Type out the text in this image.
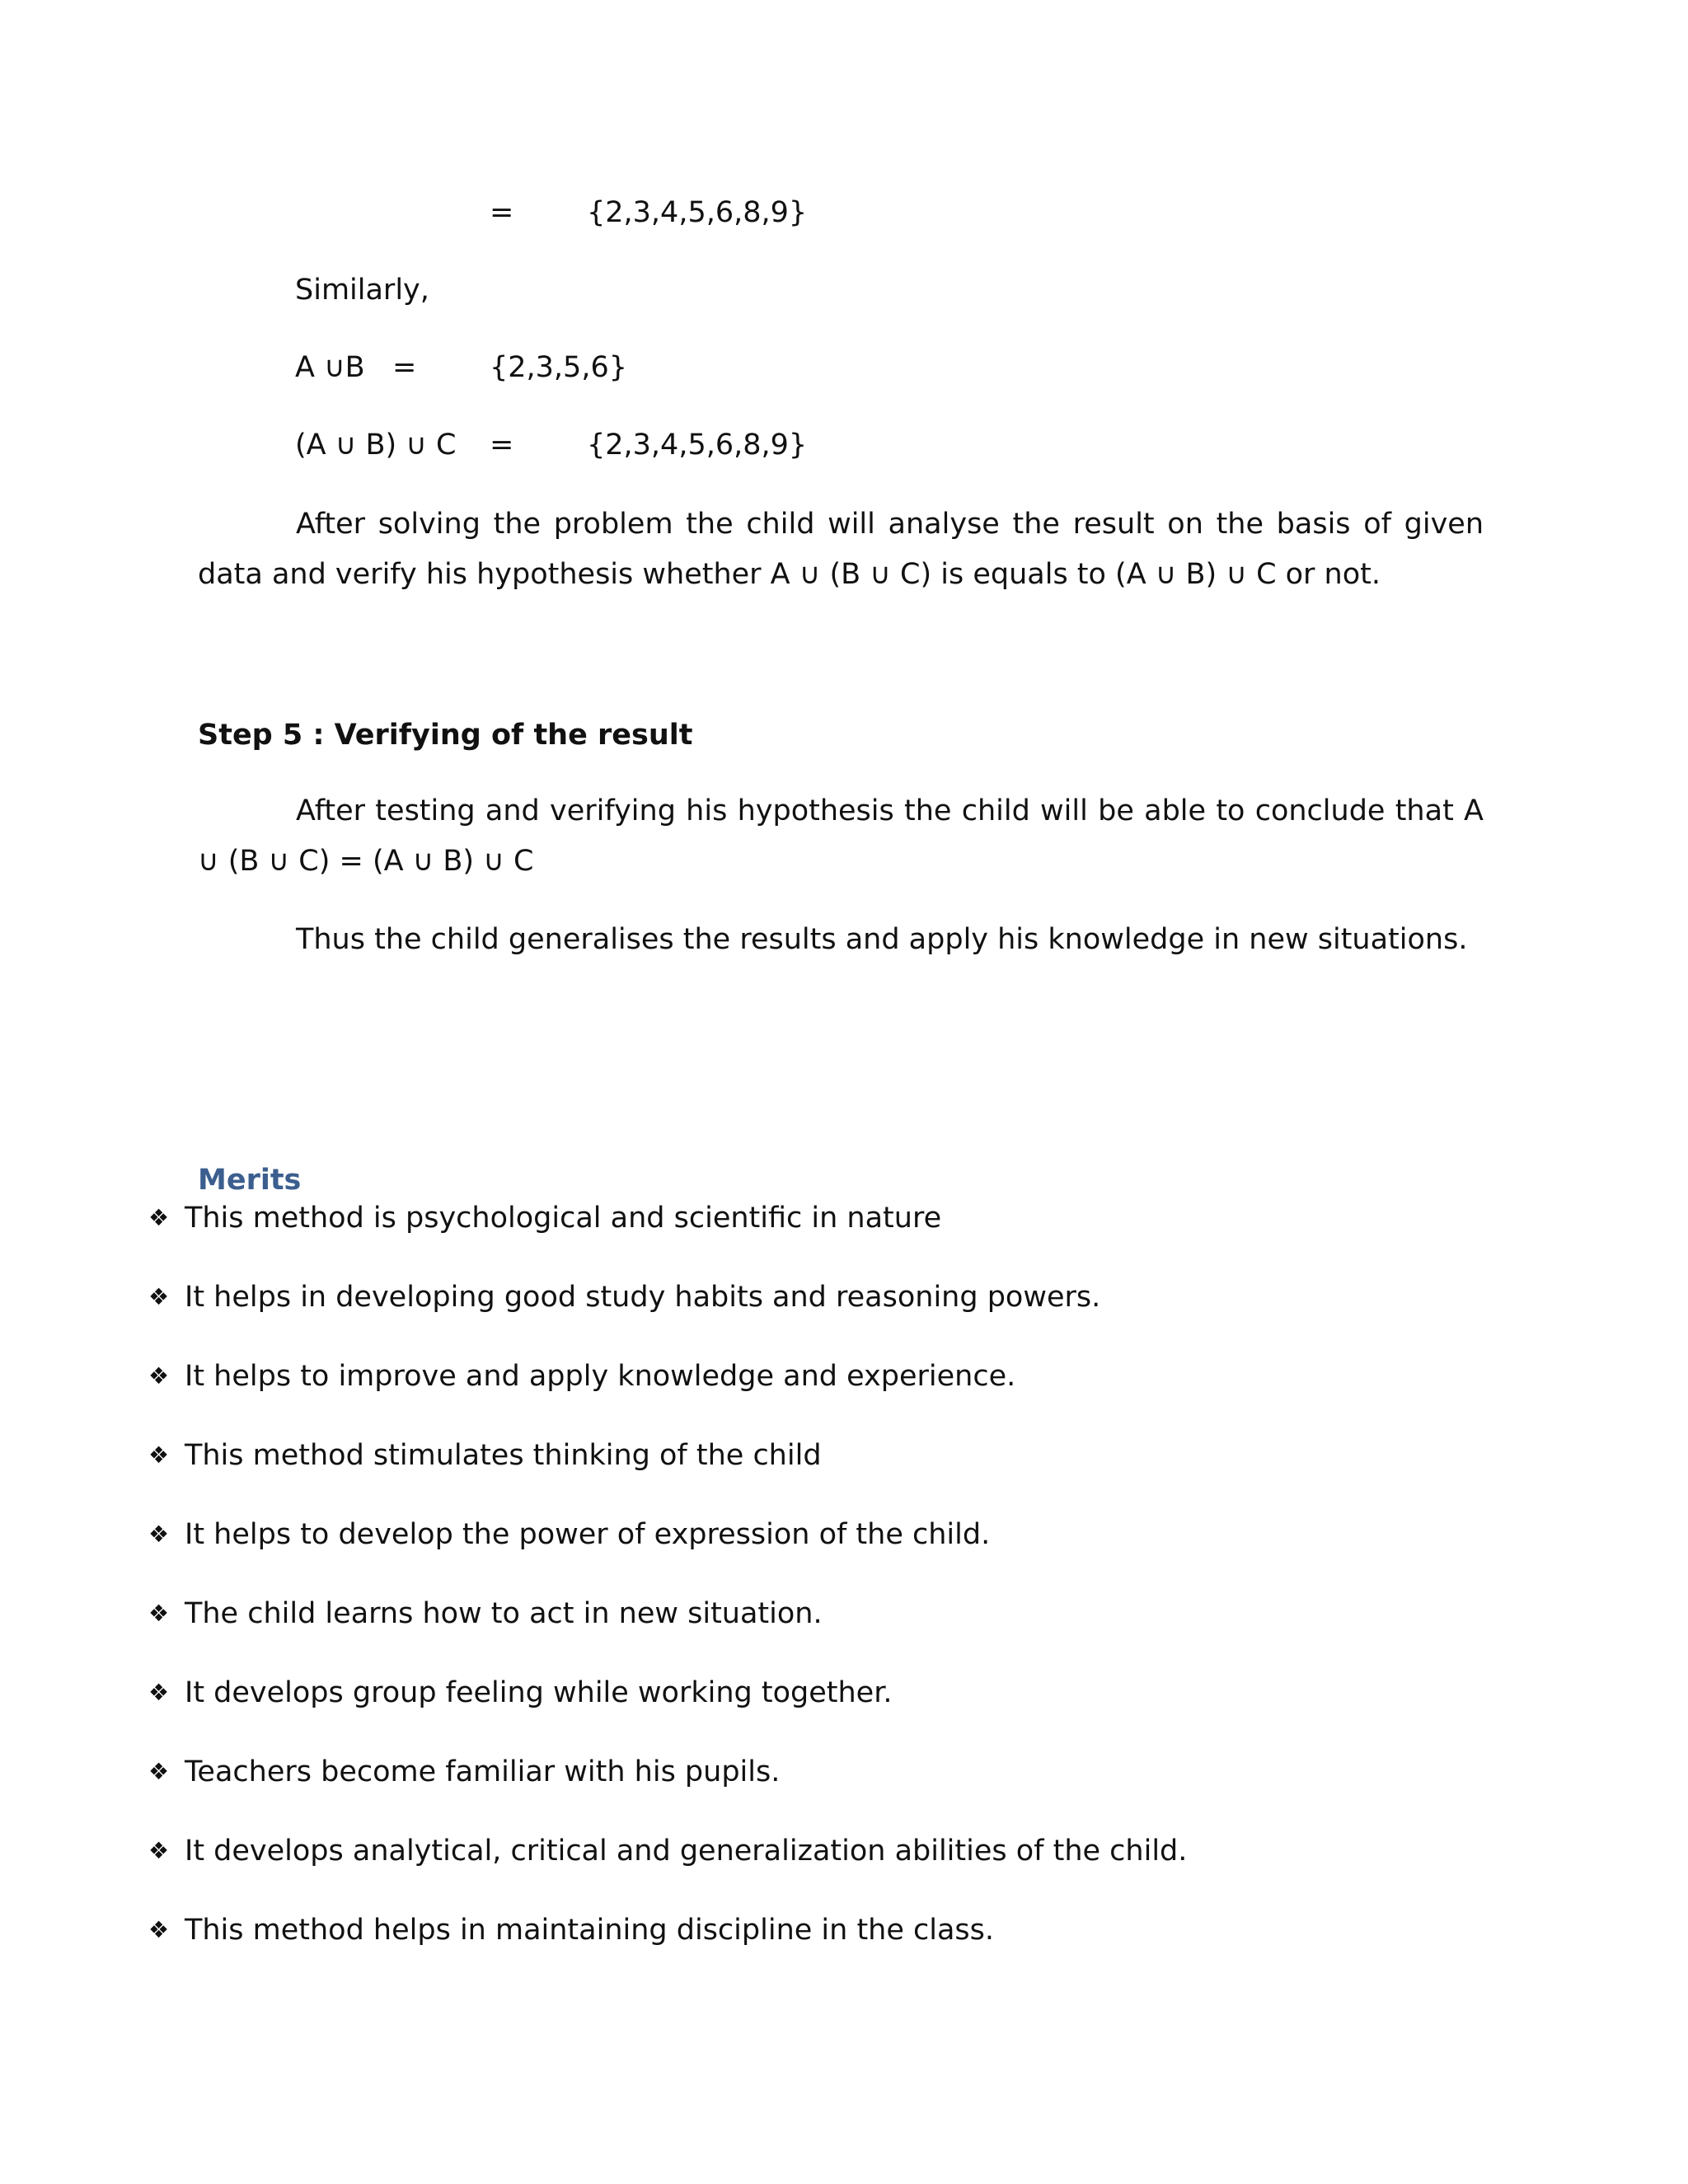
=	{2,3,4,5,6,8,9}
Similarly,
A ∪B =	{2,3,5,6}
(A ∪ B) ∪ C =	{2,3,4,5,6,8,9}

After solving the problem the child will analyse the result on the basis of given data and verify his hypothesis whether A ∪ (B ∪ C) is equals to (A ∪ B) ∪ C or not.

Step 5 : Verifying of the result

After testing and verifying his hypothesis the child will be able to conclude that A ∪ (B ∪ C) = (A ∪ B) ∪ C

Thus the child generalises the results and apply his knowledge in new situations.

Merits
❖ This method is psychological and scientific in nature
❖ It helps in developing good study habits and reasoning powers.
❖ It helps to improve and apply knowledge and experience.
❖ This method stimulates thinking of the child
❖ It helps to develop the power of expression of the child.
❖ The child learns how to act in new situation.
❖ It develops group feeling while working together.
❖ Teachers become familiar with his pupils.
❖ It develops analytical, critical and generalization abilities of the child.
❖ This method helps in maintaining discipline in the class.
